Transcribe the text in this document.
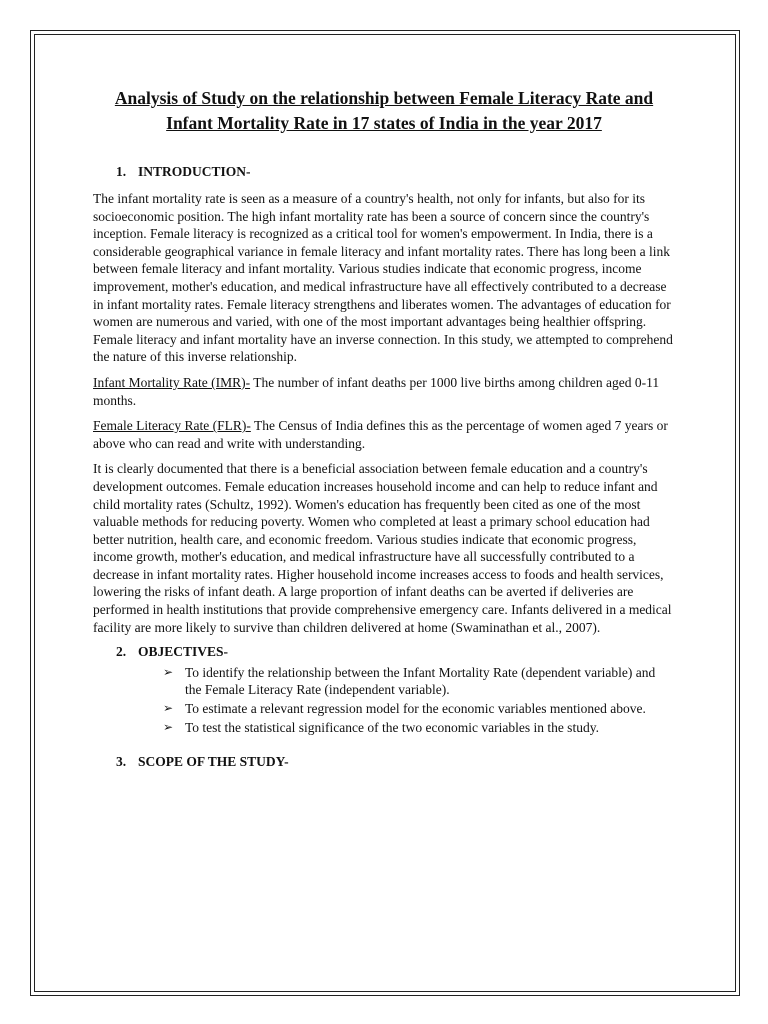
Analysis of Study on the relationship between Female Literacy Rate and Infant Mortality Rate in 17 states of India in the year 2017
1. INTRODUCTION-

The infant mortality rate is seen as a measure of a country's health, not only for infants, but also for its socioeconomic position. The high infant mortality rate has been a source of concern since the country's inception. Female literacy is recognized as a critical tool for women's empowerment. In India, there is a considerable geographical variance in female literacy and infant mortality rates. There has long been a link between female literacy and infant mortality. Various studies indicate that economic progress, income improvement, mother's education, and medical infrastructure have all effectively contributed to a decrease in infant mortality rates. Female literacy strengthens and liberates women. The advantages of education for women are numerous and varied, with one of the most important advantages being healthier offspring. Female literacy and infant mortality have an inverse connection. In this study, we attempted to comprehend the nature of this inverse relationship.

Infant Mortality Rate (IMR)- The number of infant deaths per 1000 live births among children aged 0-11 months.

Female Literacy Rate (FLR)- The Census of India defines this as the percentage of women aged 7 years or above who can read and write with understanding.

It is clearly documented that there is a beneficial association between female education and a country's development outcomes. Female education increases household income and can help to reduce infant and child mortality rates (Schultz, 1992). Women's education has frequently been cited as one of the most valuable methods for reducing poverty. Women who completed at least a primary school education had better nutrition, health care, and economic freedom. Various studies indicate that economic progress, income growth, mother's education, and medical infrastructure have all successfully contributed to a decrease in infant mortality rates. Higher household income increases access to foods and health services, lowering the risks of infant death. A large proportion of infant deaths can be averted if deliveries are performed in health institutions that provide comprehensive emergency care. Infants delivered in a medical facility are more likely to survive than children delivered at home (Swaminathan et al., 2007).

2. OBJECTIVES-
➢ To identify the relationship between the Infant Mortality Rate (dependent variable) and the Female Literacy Rate (independent variable).
➢ To estimate a relevant regression model for the economic variables mentioned above.
➢ To test the statistical significance of the two economic variables in the study.
3. SCOPE OF THE STUDY-
